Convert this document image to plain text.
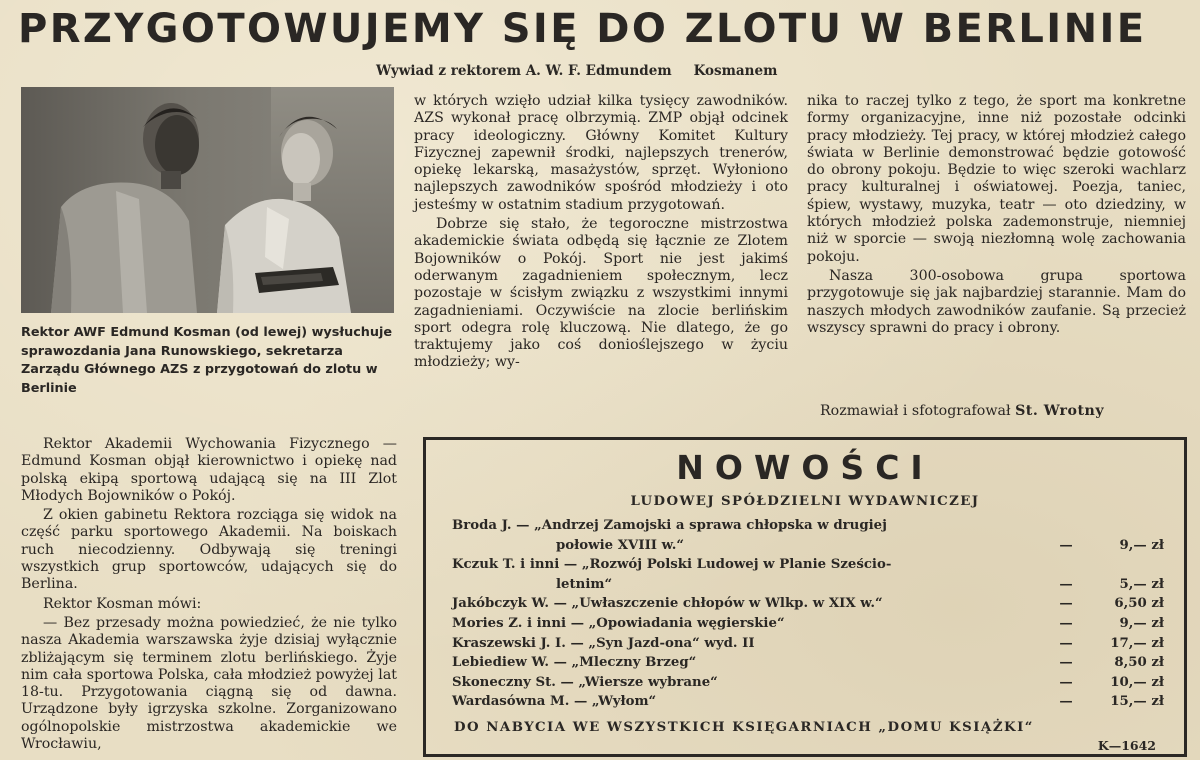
PRZYGOTOWUJEMY SIĘ DO ZLOTU W BERLINIE
Wywiad z rektorem A. W. F. Edmundem Kosmanem
Rektor AWF Edmund Kosman (od lewej) wysłuchuje sprawozdania Jana Runowskiego, sekretarza Zarządu Głównego AZS z przygotowań do zlotu w Berlinie

Rektor Akademii Wychowania Fizycznego — Edmund Kosman objął kierownictwo i opiekę nad polską ekipą sportową udającą się na III Zlot Młodych Bojowników o Pokój.

Z okien gabinetu Rektora rozciąga się widok na część parku sportowego Akademii. Na boiskach ruch niecodzienny. Odbywają się treningi wszystkich grup sportowców, udających się do Berlina.

Rektor Kosman mówi:

— Bez przesady można powiedzieć, że nie tylko nasza Akademia warszawska żyje dzisiaj wyłącznie zbliżającym się terminem zlotu berlińskiego. Żyje nim cała sportowa Polska, cała młodzież powyżej lat 18-tu. Przygotowania ciągną się od dawna. Urządzone były igrzyska szkolne. Zorganizowano ogólnopolskie mistrzostwa akademickie we Wrocławiu,

w których wzięło udział kilka tysięcy zawodników. AZS wykonał pracę olbrzymią. ZMP objął odcinek pracy ideologiczny. Główny Komitet Kultury Fizycznej zapewnił środki, najlepszych trenerów, opiekę lekarską, masażystów, sprzęt. Wyłoniono najlepszych zawodników spośród młodzieży i oto jesteśmy w ostatnim stadium przygotowań.

Dobrze się stało, że tegoroczne mistrzostwa akademickie świata odbędą się łącznie ze Zlotem Bojowników o Pokój. Sport nie jest jakimś oderwanym zagadnieniem społecznym, lecz pozostaje w ścisłym związku z wszystkimi innymi zagadnieniami. Oczywiście na zlocie berlińskim sport odegra rolę kluczową. Nie dlatego, że go traktujemy jako coś donioślejszego w życiu młodzieży; wy-

nika to raczej tylko z tego, że sport ma konkretne formy organizacyjne, inne niż pozostałe odcinki pracy młodzieży. Tej pracy, w której młodzież całego świata w Berlinie demonstrować będzie gotowość do obrony pokoju. Będzie to więc szeroki wachlarz pracy kulturalnej i oświatowej. Poezja, taniec, śpiew, wystawy, muzyka, teatr — oto dziedziny, w których młodzież polska zademonstruje, niemniej niż w sporcie — swoją niezłomną wolę zachowania pokoju.

Nasza 300-osobowa grupa sportowa przygotowuje się jak najbardziej starannie. Mam do naszych młodych zawodników zaufanie. Są przecież wszyscy sprawni do pracy i obrony.

Rozmawiał i sfotografował St. Wrotny
NOWOŚCI
LUDOWEJ SPÓŁDZIELNI WYDAWNICZEJ
Broda J. — „Andrzej Zamojski a sprawa chłopska w drugiej
połowie XVIII w.“	—	9,— zł
Kczuk T. i inni — „Rozwój Polski Ludowej w Planie Sześcio-
letnim“	—	5,— zł
Jakóbczyk W. — „Uwłaszczenie chłopów w Wlkp. w XIX w.“	—	6,50 zł
Mories Z. i inni — „Opowiadania węgierskie“	—	9,— zł
Kraszewski J. I. — „Syn Jazd-ona“ wyd. II	—	17,— zł
Lebiediew W. — „Mleczny Brzeg“	—	8,50 zł
Skoneczny St. — „Wiersze wybrane“	—	10,— zł
Wardasówna M. — „Wyłom“	—	15,— zł
DO NABYCIA WE WSZYSTKICH KSIĘGARNIACH „DOMU KSIĄŻKI“
K—1642
